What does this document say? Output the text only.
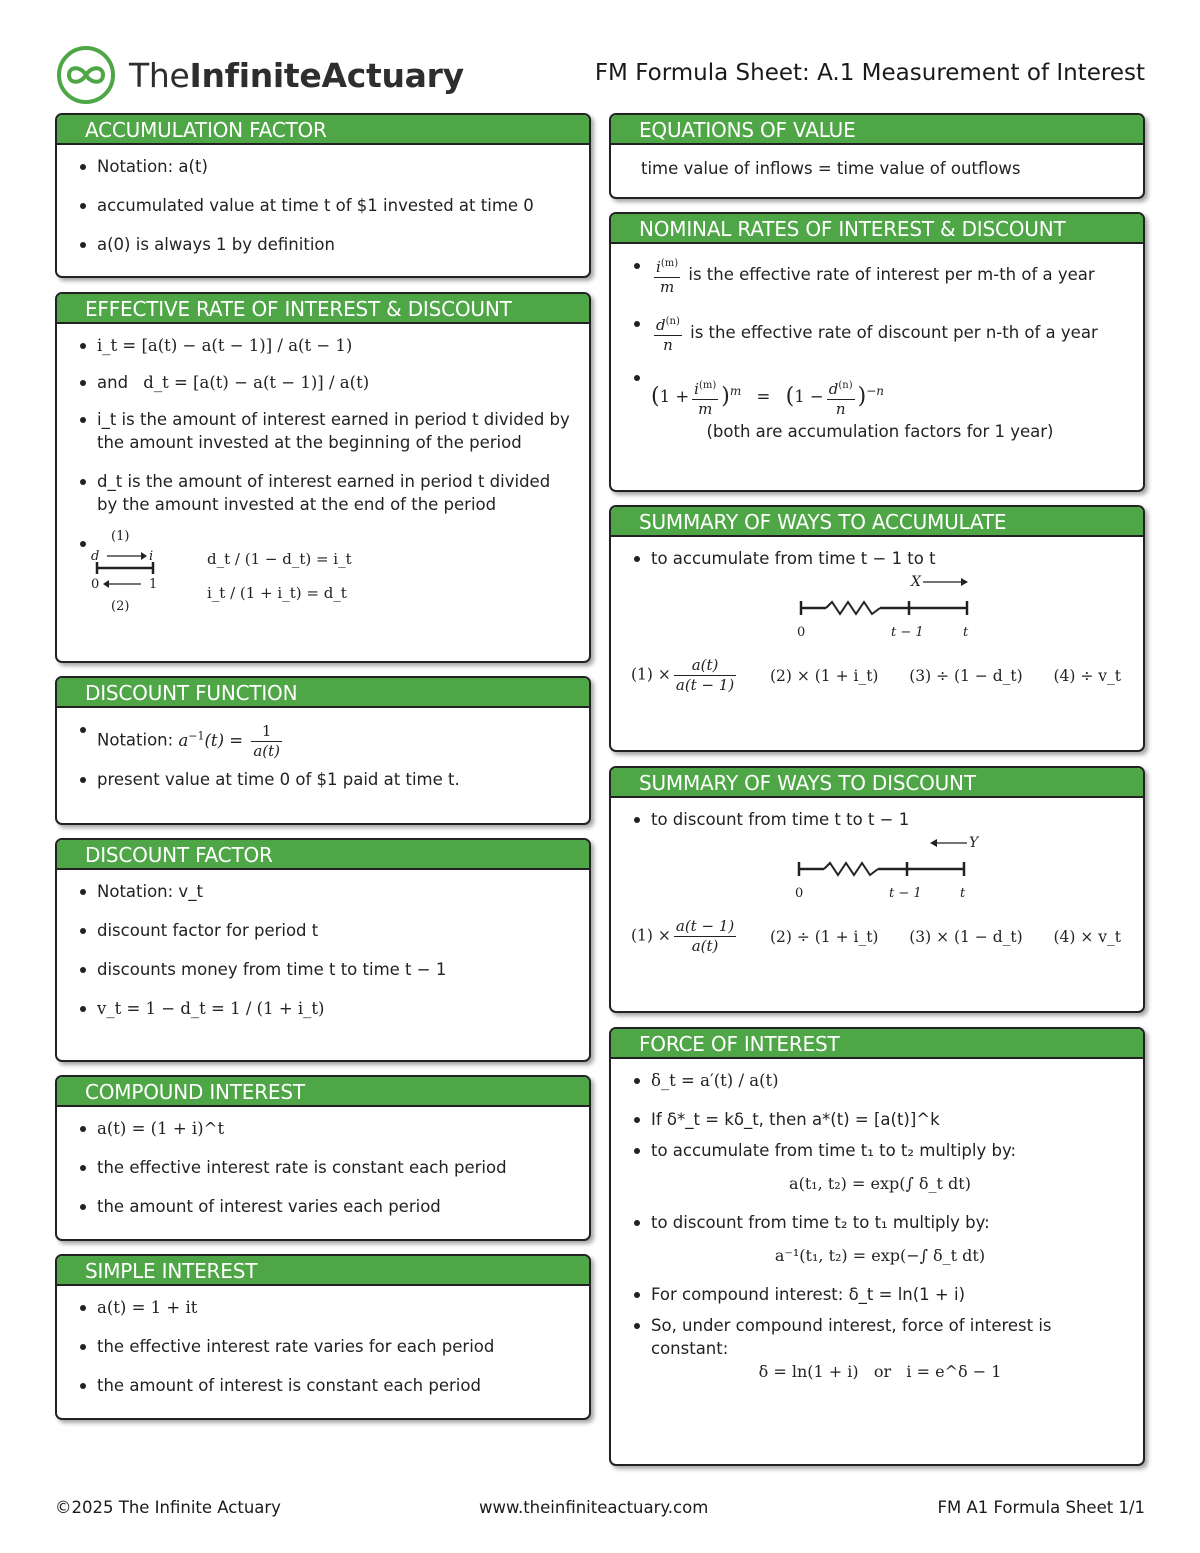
TheInfiniteActuary	FM Formula Sheet: A.1 Measurement of Interest
ACCUMULATION FACTOR
Notation: a(t)
accumulated value at time t of $1 invested at time 0
a(0) is always 1 by definition
EFFECTIVE RATE OF INTEREST & DISCOUNT
i_t = [a(t) − a(t − 1)] / a(t − 1)
and d_t = [a(t) − a(t − 1)] / a(t)
i_t is the amount of interest earned in period t divided by the amount invested at the beginning of the period
d_t is the amount of interest earned in period t divided by the amount invested at the end of the period
(1)
d	i
0	1
(2)
d_t / (1 − d_t) = i_t
i_t / (1 + i_t) = d_t
DISCOUNT FUNCTION
Notation: $a^{-1}(t) = \frac{1}{a(t)}$
present value at time 0 of $1 paid at time t.
DISCOUNT FACTOR
Notation: v_t
discount factor for period t
discounts money from time t to time t − 1
v_t = 1 − d_t = 1 / (1 + i_t)
COMPOUND INTEREST
a(t) = (1 + i)^t
the effective interest rate is constant each period
the amount of interest varies each period
SIMPLE INTEREST
a(t) = 1 + it
the effective interest rate varies for each period
the amount of interest is constant each period
EQUATIONS OF VALUE
time value of inflows = time value of outflows
NOMINAL RATES OF INTEREST & DISCOUNT
$\frac{i^{(m)}}{m}$ is the effective rate of interest per m-th of a year
$\frac{d^{(n)}}{n}$ is the effective rate of discount per n-th of a year
$(1 + \frac{i^{(m)}}{m} )^m = (1 - \frac{d^{(n)}}{n} )^{-n}$
(both are accumulation factors for 1 year)
SUMMARY OF WAYS TO ACCUMULATE
to accumulate from time t − 1 to t
X
0	t − 1	t
$(1) \times \frac{a(t)}{a(t - 1)} (2) \times (1$ + i_t) (3) ÷ (1 − d_t) (4) ÷ v_t
SUMMARY OF WAYS TO DISCOUNT
to discount from time t to t − 1
Y
0	t − 1	t
$(1) \times \frac{a(t - 1)}{a(t)} (2) \div (1$ + i_t) (3) × (1 − d_t) (4) × v_t
FORCE OF INTEREST
δ_t = a′(t) / a(t)
If δ*_t = kδ_t, then a*(t) = [a(t)]^k
to accumulate from time t₁ to t₂ multiply by:
a(t₁, t₂) = exp(∫ δ_t dt)
to discount from time t₂ to t₁ multiply by:
a⁻¹(t₁, t₂) = exp(−∫ δ_t dt)
For compound interest: δ_t = ln(1 + i)
So, under compound interest, force of interest is constant:
δ = ln(1 + i)   or   i = e^δ − 1
©2025 The Infinite Actuary	www.theinfiniteactuary.com	FM A1 Formula Sheet 1/1
